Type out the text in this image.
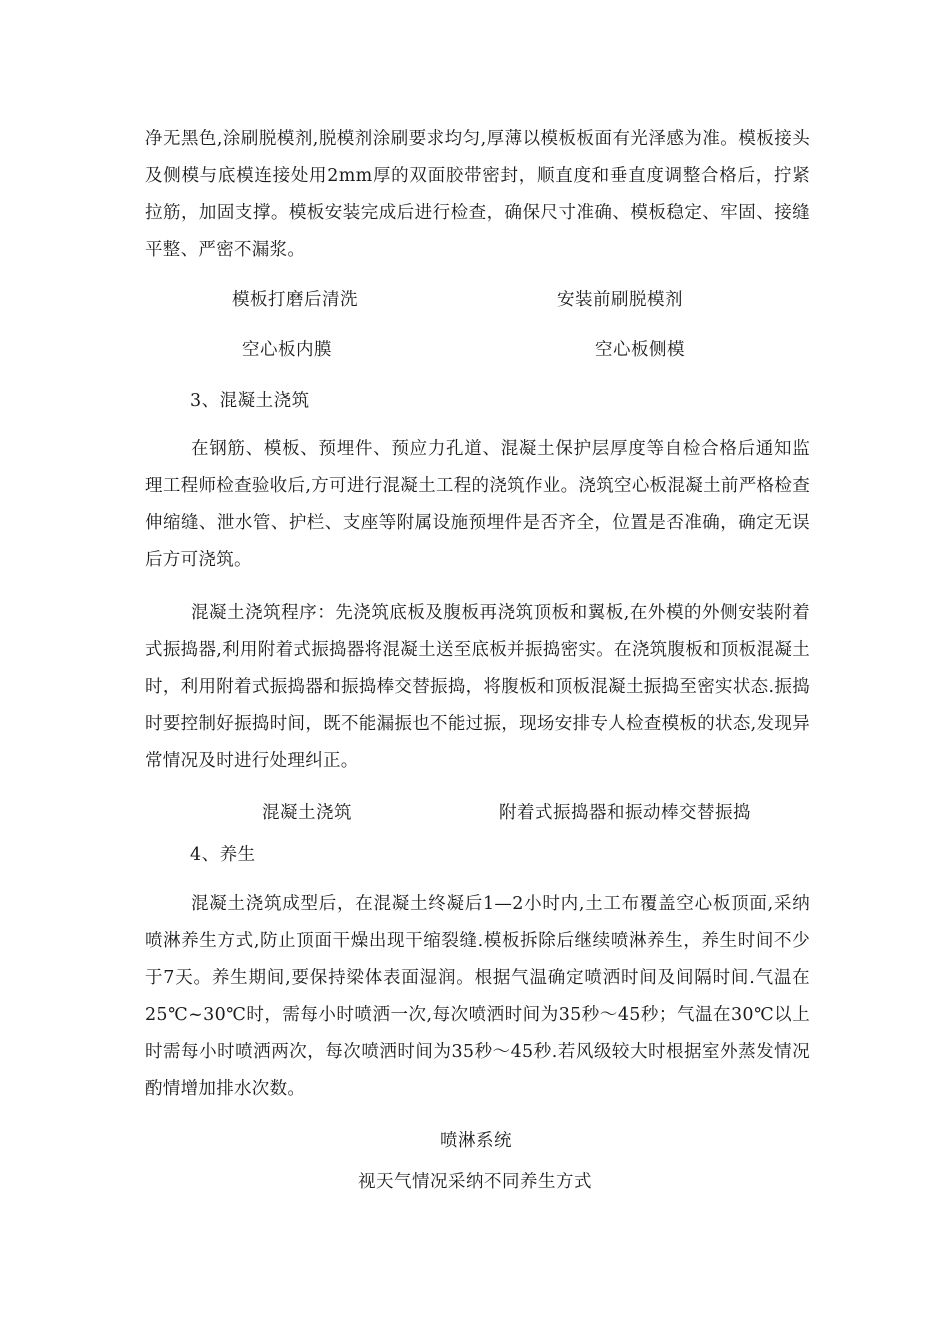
净无黑色,涂刷脱模剂,脱模剂涂刷要求均匀,厚薄以模板板面有光泽感为准。模板接头及侧模与底模连接处用2mm厚的双面胶带密封，顺直度和垂直度调整合格后，拧紧拉筋，加固支撑。模板安装完成后进行检查，确保尺寸准确、模板稳定、牢固、接缝平整、严密不漏浆。

模板打磨后清洗	安装前刷脱模剂
空心板内膜	空心板侧模
3、混凝土浇筑

在钢筋、模板、预埋件、预应力孔道、混凝土保护层厚度等自检合格后通知监理工程师检查验收后,方可进行混凝土工程的浇筑作业。浇筑空心板混凝土前严格检查伸缩缝、泄水管、护栏、支座等附属设施预埋件是否齐全，位置是否准确，确定无误后方可浇筑。

混凝土浇筑程序：先浇筑底板及腹板再浇筑顶板和翼板,在外模的外侧安装附着式振捣器,利用附着式振捣器将混凝土送至底板并振捣密实。在浇筑腹板和顶板混凝土时，利用附着式振捣器和振捣棒交替振捣，将腹板和顶板混凝土振捣至密实状态.振捣时要控制好振捣时间，既不能漏振也不能过振，现场安排专人检查模板的状态,发现异常情况及时进行处理纠正。

混凝土浇筑	附着式振捣器和振动棒交替振捣
4、养生

混凝土浇筑成型后，在混凝土终凝后1—2小时内,土工布覆盖空心板顶面,采纳喷淋养生方式,防止顶面干燥出现干缩裂缝.模板拆除后继续喷淋养生，养生时间不少于7天。养生期间,要保持梁体表面湿润。根据气温确定喷洒时间及间隔时间.气温在25℃~30℃时，需每小时喷洒一次,每次喷洒时间为35秒～45秒；气温在30℃以上时需每小时喷洒两次，每次喷洒时间为35秒～45秒.若风级较大时根据室外蒸发情况酌情增加排水次数。

喷淋系统
视天气情况采纳不同养生方式
